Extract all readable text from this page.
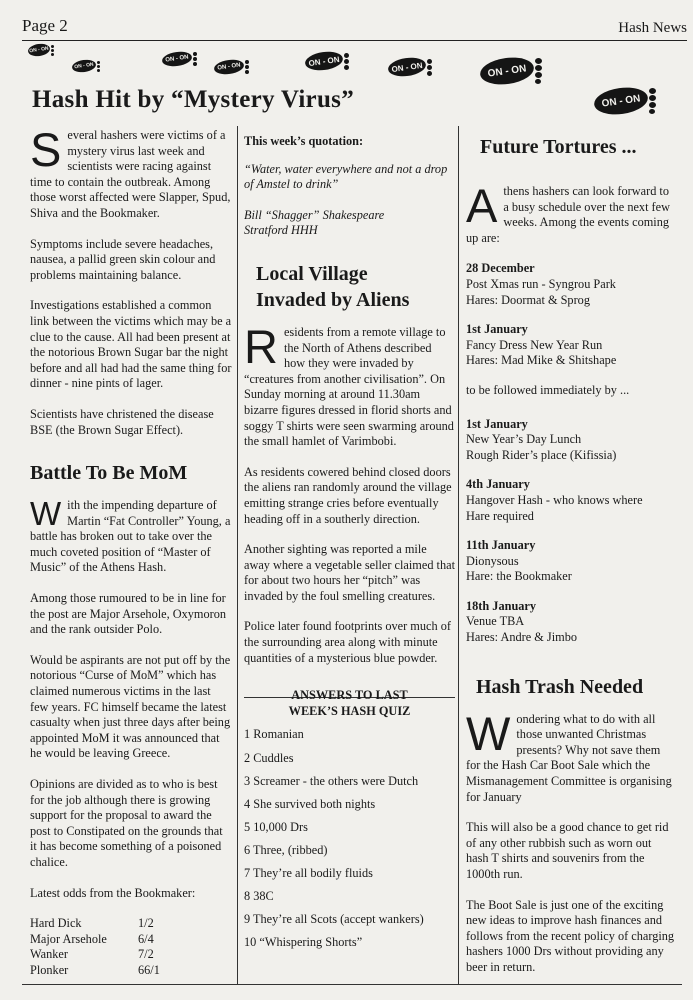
Page 2	Hash News
ON - ON
ON - ON
ON - ON
ON - ON	ON - ON	ON - ON	ON - ON
ON - ON
Hash Hit by “Mystery Virus”

Several hashers were victims of a mystery virus last week and scientists were racing against time to contain the outbreak. Among those worst affected were Slapper, Spud, Shiva and the Bookmaker.

Symptoms include severe headaches, nausea, a pallid green skin colour and problems maintaining balance.

Investigations established a common link between the victims which may be a clue to the cause. All had been present at the notorious Brown Sugar bar the night before and all had had the same thing for dinner - nine pints of lager.

Scientists have christened the disease BSE (the Brown Sugar Effect).

Battle To Be MoM

With the impending departure of Martin “Fat Controller” Young, a battle has broken out to take over the much coveted position of “Master of Music” of the Athens Hash.

Among those rumoured to be in line for the post are Major Arsehole, Oxymoron and the rank outsider Polo.

Would be aspirants are not put off by the notorious “Curse of MoM” which has claimed numerous victims in the last few years. FC himself became the latest casualty when just three days after being appointed MoM it was announced that he would be leaving Greece.

Opinions are divided as to who is best for the job although there is growing support for the proposal to award the post to Constipated on the grounds that it has become something of a poisoned chalice.

Latest odds from the Bookmaker:

Hard Dick	1/2
Major Arsehole	6/4
Wanker	7/2
Plonker	66/1
This week’s quotation:

“Water, water everywhere and not a drop of Amstel to drink”

Bill “Shagger” Shakespeare
Stratford HHH
Local Village
Invaded by Aliens

Residents from a remote village to the North of Athens described how they were invaded by “creatures from another civilisation”. On Sunday morning at around 11.30am bizarre figures dressed in florid shorts and soggy T shirts were seen swarming around the small hamlet of Varimbobi.

As residents cowered behind closed doors the aliens ran randomly around the village emitting strange cries before eventually heading off in a southerly direction.

Another sighting was reported a mile away where a vegetable seller claimed that for about two hours her “pitch” was invaded by the foul smelling creatures.

Police later found footprints over much of the surrounding area along with minute quantities of a mysterious blue powder.

ANSWERS TO LAST
WEEK’S HASH QUIZ
1 Romanian
2 Cuddles
3 Screamer - the others were Dutch
4 She survived both nights
5 10,000 Drs
6 Three, (ribbed)
7 They’re all bodily fluids
8 38C
9 They’re all Scots (accept wankers)
10 “Whispering Shorts”
Future Tortures ...

Athens hashers can look forward to a busy schedule over the next few weeks. Among the events coming up are:

28 December
Post Xmas run - Syngrou Park
Hares: Doormat & Sprog
1st January
Fancy Dress New Year Run
Hares: Mad Mike & Shitshape
to be followed immediately by ...
1st January
New Year’s Day Lunch
Rough Rider’s place (Kifissia)
4th January
Hangover Hash - who knows where
Hare required
11th January
Dionysous
Hare: the Bookmaker
18th January
Venue TBA
Hares: Andre & Jimbo
Hash Trash Needed

Wondering what to do with all those unwanted Christmas presents? Why not save them for the Hash Car Boot Sale which the Mismanagement Committee is organising for January

This will also be a good chance to get rid of any other rubbish such as worn out hash T shirts and souvenirs from the 1000th run.

The Boot Sale is just one of the exciting new ideas to improve hash finances and follows from the recent policy of charging hashers 1000 Drs without providing any beer in return.
